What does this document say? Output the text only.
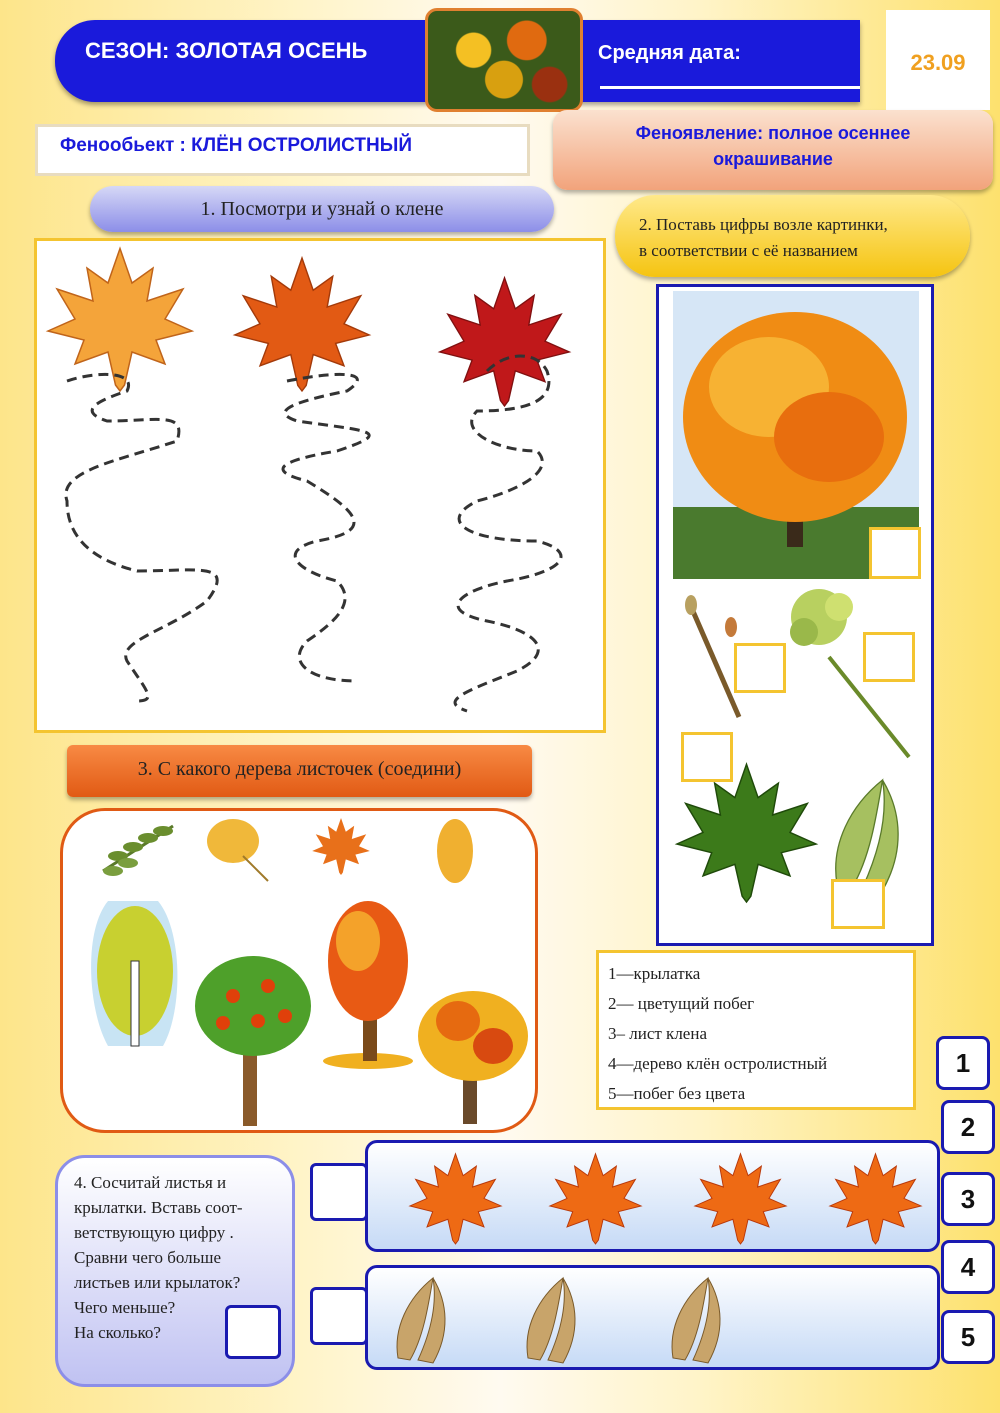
СЕЗОН: ЗОЛОТАЯ ОСЕНЬ	Средняя дата:	23.09
Фенообьект : КЛЁН ОСТРОЛИСТНЫЙ
Феноявление: полное осеннее
окрашивание
1. Посмотри и узнай о клене
2. Поставь цифры возле картинки,
в соответствии с её названием
1—крылатка
2— цветущий побег
3– лист клена
4—дерево клён остролистный
5—побег без цвета
1
2
3
4
5
3. С какого дерева листочек (соедини)
4. Сосчитай листья и
крылатки. Вставь соот-
ветствующую цифру .
Сравни чего больше
листьев или крылаток?
Чего меньше?
На сколько?
